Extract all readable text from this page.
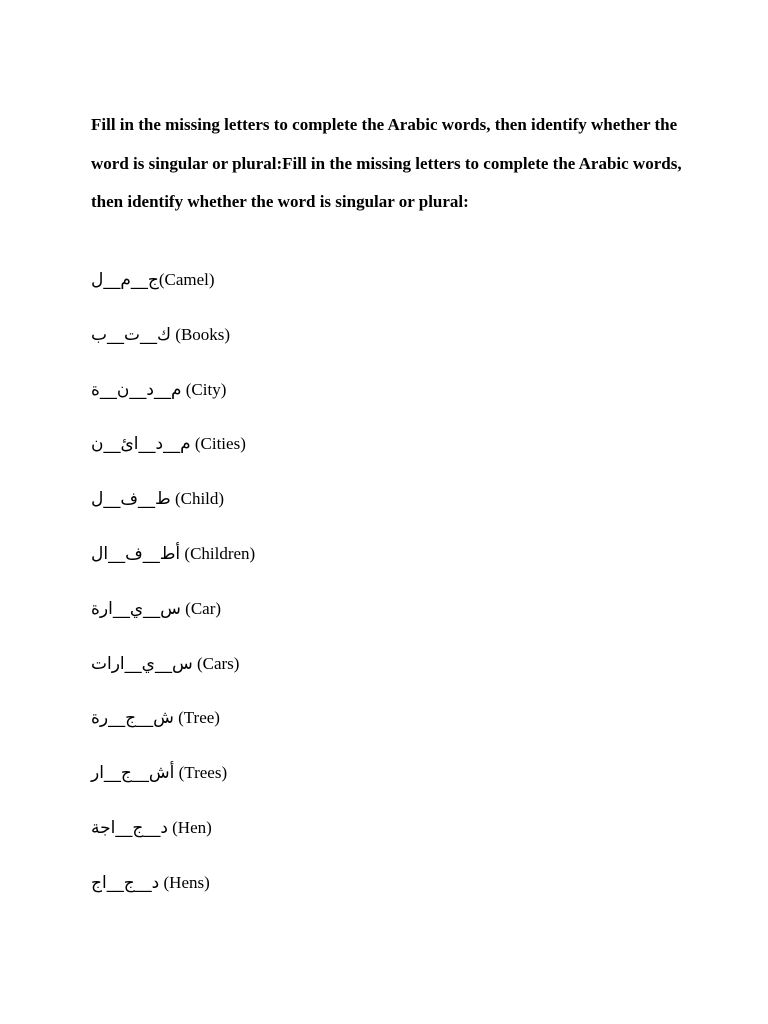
Fill in the missing letters to complete the Arabic words, then identify whether the word is singular or plural:Fill in the missing letters to complete the Arabic words, then identify whether the word is singular or plural:

ج__م__ل (Camel)
ك__ت__ب (Books)
م__د__ن__ة (City)
م__د__ائ__ن (Cities)
ط__ف__ل (Child)
أط__ف__ال (Children)
س__ي__ارة (Car)
س__ي__ارات (Cars)
ش__ج__رة (Tree)
أش__ج__ار (Trees)
د__ج__اجة (Hen)
د__ج__اج (Hens)
